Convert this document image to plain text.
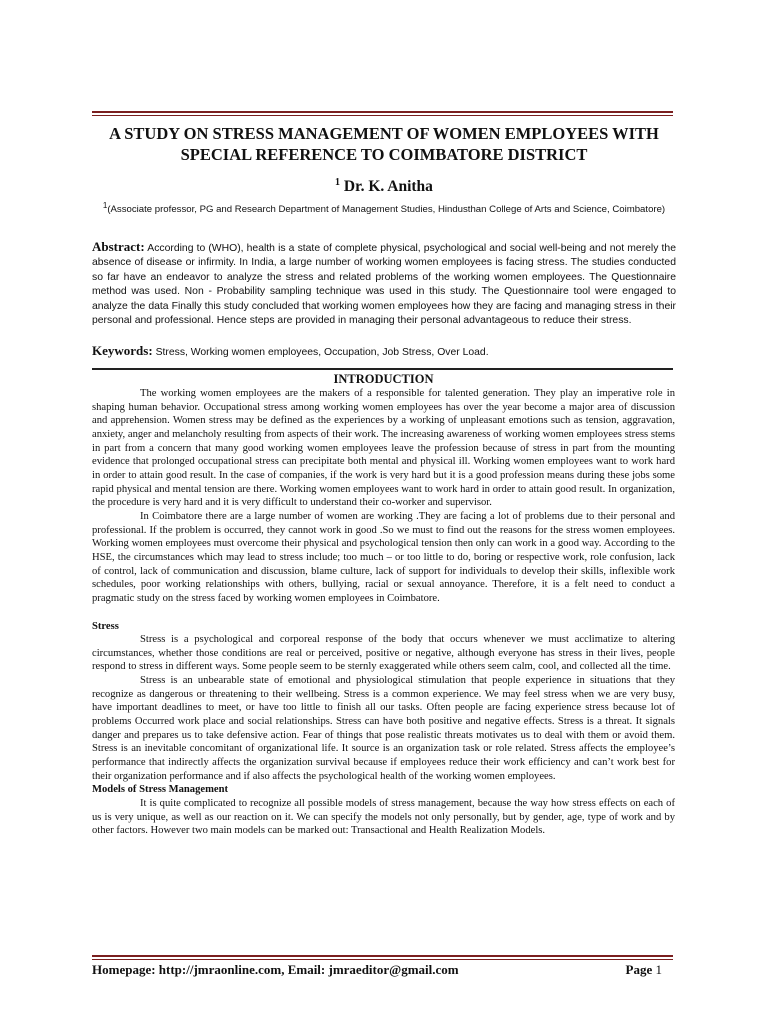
A STUDY ON STRESS MANAGEMENT OF WOMEN EMPLOYEES WITH SPECIAL REFERENCE TO COIMBATORE DISTRICT
$^1$ Dr. K. Anitha
$^1$(Associate professor, PG and Research Department of Management Studies, Hindusthan College of Arts and Science, Coimbatore)
Abstract: According to (WHO), health is a state of complete physical, psychological and social well-being and not merely the absence of disease or infirmity. In India, a large number of working women employees is facing stress. The studies conducted so far have an endeavor to analyze the stress and related problems of the working women employees. The Questionnaire method was used. Non - Probability sampling technique was used in this study. The Questionnaire tool were engaged to analyze the data Finally this study concluded that working women employees how they are facing and managing stress in their personal and professional. Hence steps are provided in managing their personal advantageous to reduce their stress.
Keywords: Stress, Working women employees, Occupation, Job Stress, Over Load.
INTRODUCTION

The working women employees are the makers of a responsible for talented generation. They play an imperative role in shaping human behavior. Occupational stress among working women employees has over the year become a major area of discussion and apprehension. Women stress may be defined as the experiences by a working of unpleasant emotions such as tension, aggravation, anxiety, anger and melancholy resulting from aspects of their work. The increasing awareness of working women employees stress stems in part from a concern that many good working women employees leave the profession because of stress in part from the mounting evidence that prolonged occupational stress can precipitate both mental and physical ill. Working women employees want to work hard in order to attain good result. In the case of companies, if the work is very hard but it is a good profession means during these jobs some rapid physical and mental tension are there. Working women employees want to work hard in order to attain good result. In organization, the procedure is very hard and it is very difficult to understand their co-worker and supervisor.

In Coimbatore there are a large number of women are working .They are facing a lot of problems due to their personal and professional. If the problem is occurred, they cannot work in good .So we must to find out the reasons for the stress women employees. Working women employees must overcome their physical and psychological tension then only can work in a good way. According to the HSE, the circumstances which may lead to stress include; too much – or too little to do, boring or respective work, role confusion, lack of control, lack of communication and discussion, blame culture, lack of support for individuals to develop their skills, inflexible work schedules, poor working relationships with others, bullying, racial or sexual annoyance. Therefore, it is a felt need to conduct a pragmatic study on the stress faced by working women employees in Coimbatore.

Stress

Stress is a psychological and corporeal response of the body that occurs whenever we must acclimatize to altering circumstances, whether those conditions are real or perceived, positive or negative, although everyone has stress in their lives, people respond to stress in different ways. Some people seem to be sternly exaggerated while others seem calm, cool, and collected all the time.

Stress is an unbearable state of emotional and physiological stimulation that people experience in situations that they recognize as dangerous or threatening to their wellbeing. Stress is a common experience. We may feel stress when we are very busy, have important deadlines to meet, or have too little to finish all our tasks. Often people are facing experience stress because lot of problems Occurred work place and social relationships. Stress can have both positive and negative effects. Stress is a threat. It signals danger and prepares us to take defensive action. Fear of things that pose realistic threats motivates us to deal with them or avoid them. Stress is an inevitable concomitant of organizational life. It source is an organization task or role related. Stress affects the employee’s performance that indirectly affects the organization survival because if employees reduce their work efficiency and can’t work best for their organization performance and if also affects the psychological health of the working women employees.

Models of Stress Management

It is quite complicated to recognize all possible models of stress management, because the way how stress effects on each of us is very unique, as well as our reaction on it. We can specify the models not only personally, but by gender, age, type of work and by other factors. However two main models can be marked out: Transactional and Health Realization Models.

Homepage: http://jmraonline.com, Email: jmraeditor@gmail.com	Page 1
